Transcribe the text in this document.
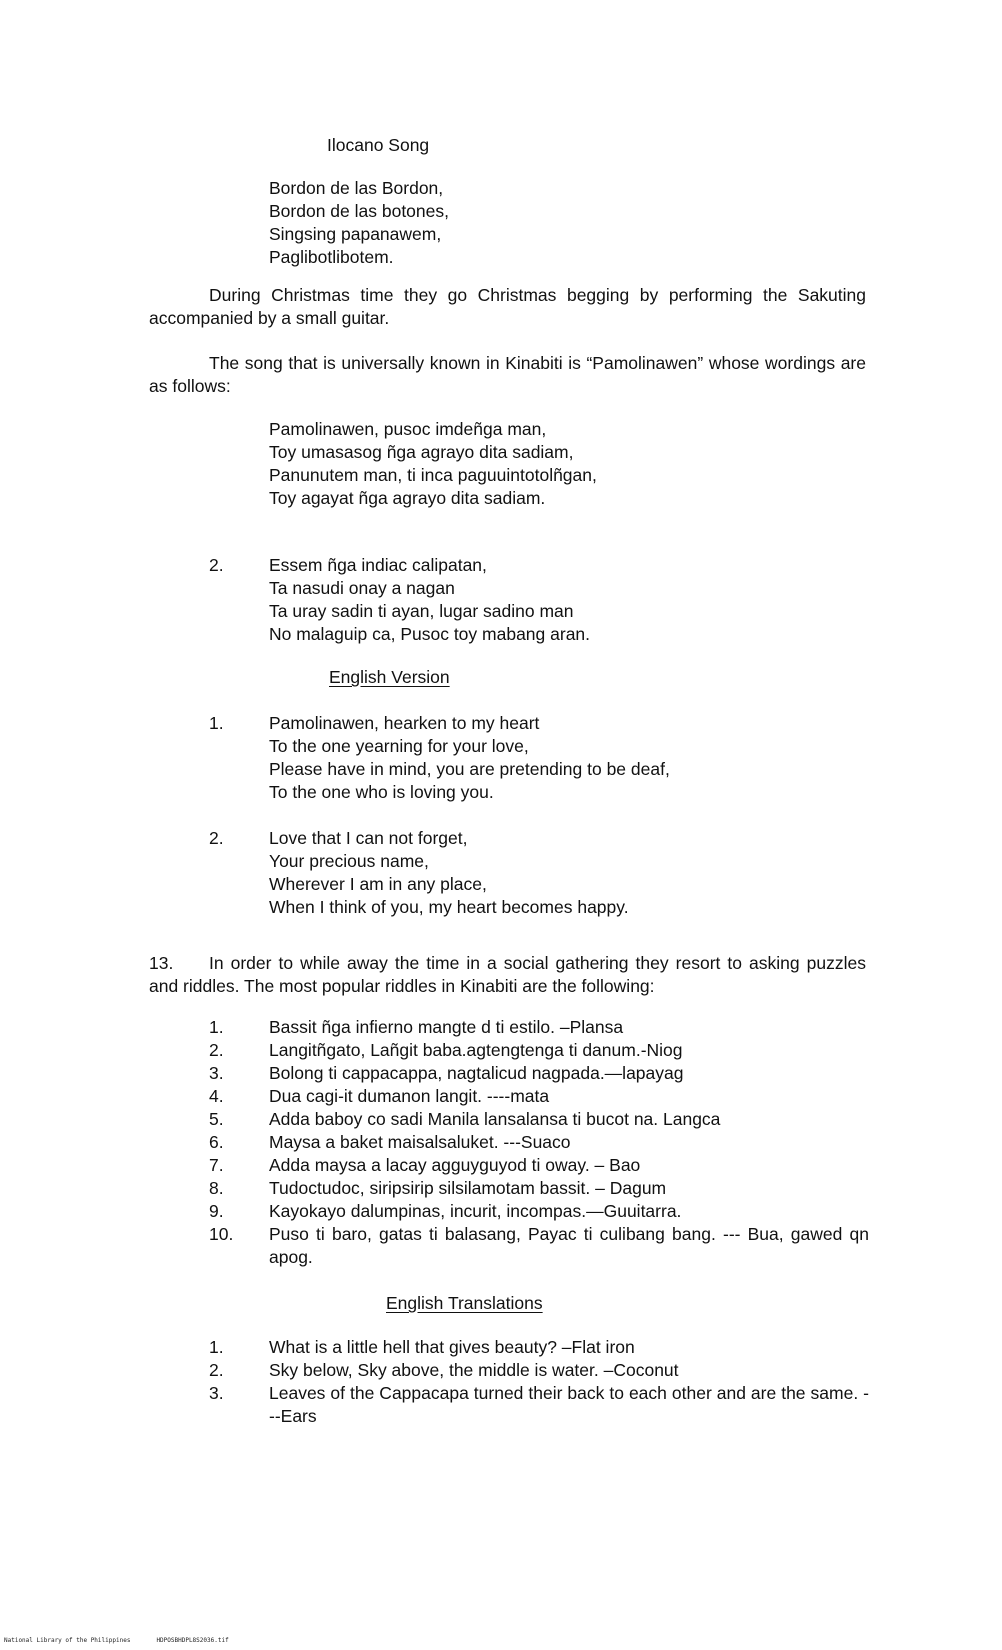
Ilocano Song
Bordon de las Bordon,
Bordon de las botones,
Singsing papanawem,
Paglibotlibotem.
During Christmas time they go Christmas begging by performing the Sakuting accompanied by a small guitar.
The song that is universally known in Kinabiti is “Pamolinawen” whose wordings are as follows:
Pamolinawen, pusoc imdeñga man,
Toy umasasog ñga agrayo dita sadiam,
Panunutem man, ti inca paguuintotolñgan,
Toy agayat ñga agrayo dita sadiam.
2.	Essem ñga indiac calipatan,
Ta nasudi onay a nagan
Ta uray sadin ti ayan, lugar sadino man
No malaguip ca, Pusoc toy mabang aran.
English Version
1.	Pamolinawen, hearken to my heart
To the one yearning for your love,
Please have in mind, you are pretending to be deaf,
To the one who is loving you.
2.	Love that I can not forget,
Your precious name,
Wherever I am in any place,
When I think of you, my heart becomes happy.
13. In order to while away the time in a social gathering they resort to asking puzzles and riddles. The most popular riddles in Kinabiti are the following:
1.	Bassit ñga infierno mangte d ti estilo. –Plansa
2.	Langitñgato, Lañgit baba.agtengtenga ti danum.-Niog
3.	Bolong ti cappacappa, nagtalicud nagpada.—lapayag
4.	Dua cagi-it dumanon langit. ----mata
5.	Adda baboy co sadi Manila lansalansa ti bucot na. Langca
6.	Maysa a baket maisalsaluket. ---Suaco
7.	Adda maysa a lacay agguyguyod ti oway. – Bao
8.	Tudoctudoc, siripsirip silsilamotam bassit. – Dagum
9.	Kayokayo dalumpinas, incurit, incompas.—Guuitarra.
10.	Puso ti baro, gatas ti balasang, Payac ti culibang bang. --- Bua, gawed qn apog.
English Translations
1.	What is a little hell that gives beauty? –Flat iron
2.	Sky below, Sky above, the middle is water. –Coconut
3.	Leaves of the Cappacapa turned their back to each other and are the same. ---Ears
National Library of the Philippines	HDPOSBHDPL8S2036.tif
